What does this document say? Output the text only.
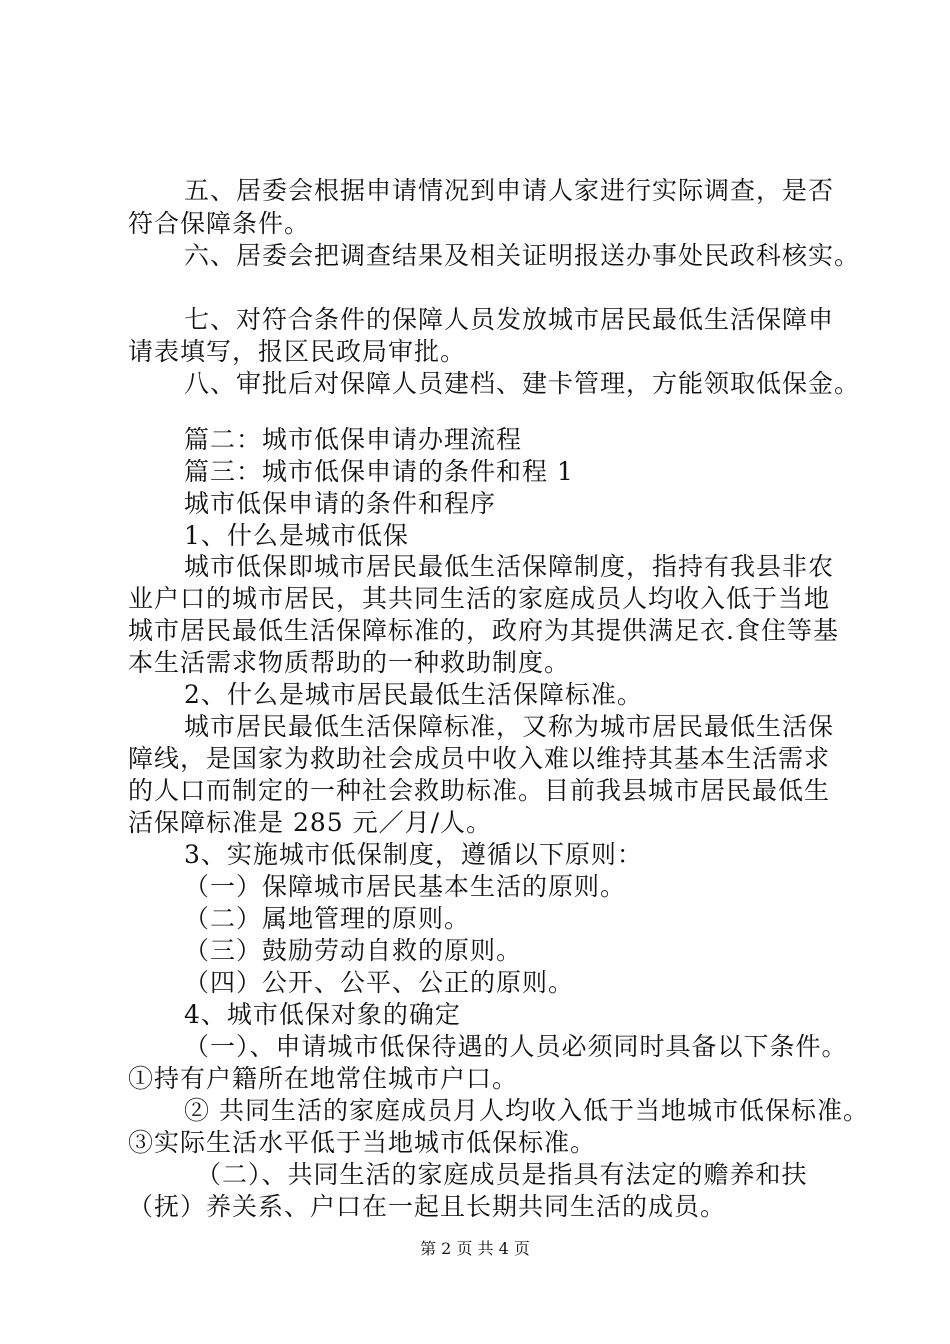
五、居委会根据申请情况到申请人家进行实际调查，是否
符合保障条件。
六、居委会把调查结果及相关证明报送办事处民政科核实。
七、对符合条件的保障人员发放城市居民最低生活保障申
请表填写，报区民政局审批。
八、审批后对保障人员建档、建卡管理，方能领取低保金。
篇二：城市低保申请办理流程
篇三：城市低保申请的条件和程 1
城市低保申请的条件和程序
1、什么是城市低保
城市低保即城市居民最低生活保障制度，指持有我县非农
业户口的城市居民，其共同生活的家庭成员人均收入低于当地
城市居民最低生活保障标准的，政府为其提供满足衣.食住等基
本生活需求物质帮助的一种救助制度。
2、什么是城市居民最低生活保障标准。
城市居民最低生活保障标准，又称为城市居民最低生活保
障线，是国家为救助社会成员中收入难以维持其基本生活需求
的人口而制定的一种社会救助标准。目前我县城市居民最低生
活保障标准是 285 元／月/人。
3、实施城市低保制度，遵循以下原则：
（一）保障城市居民基本生活的原则。
（二）属地管理的原则。
（三）鼓励劳动自救的原则。
（四）公开、公平、公正的原则。
4、城市低保对象的确定
（一）、申请城市低保待遇的人员必须同时具备以下条件。
①持有户籍所在地常住城市户口。
② 共同生活的家庭成员月人均收入低于当地城市低保标准。
③实际生活水平低于当地城市低保标准。
（二）、共同生活的家庭成员是指具有法定的赡养和扶
（抚）养关系、户口在一起且长期共同生活的成员。
第 2 页 共 4 页
